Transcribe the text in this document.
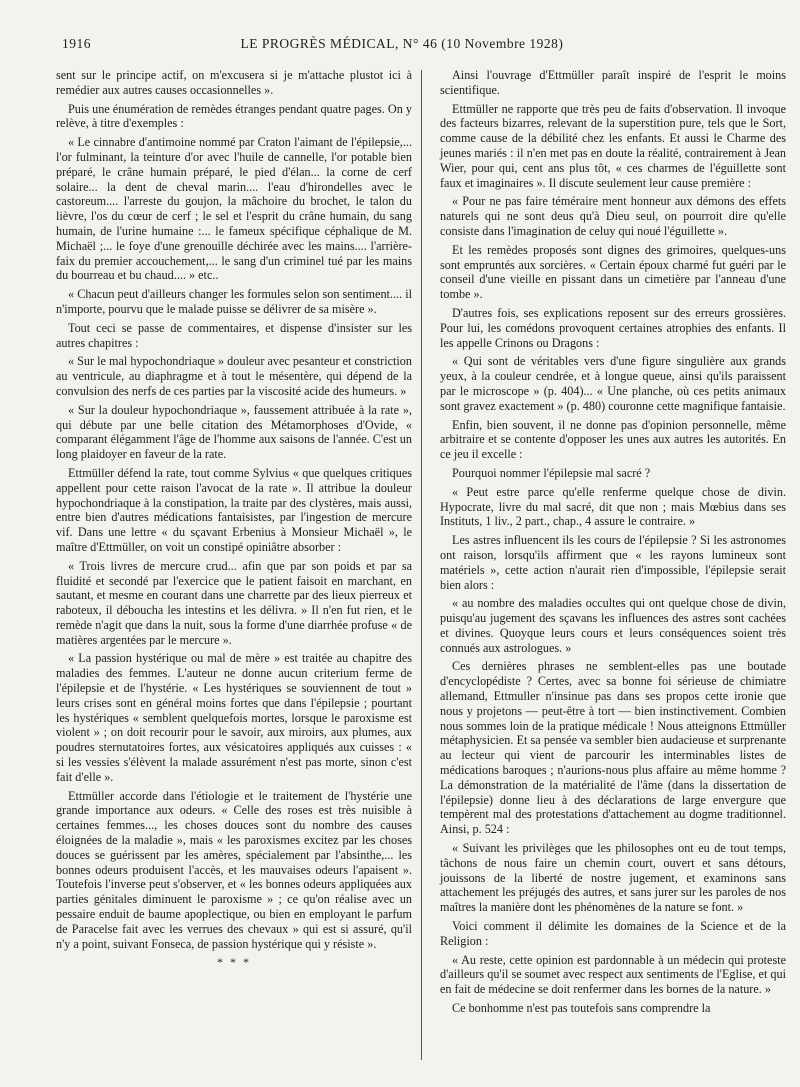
1916	LE PROGRÈS MÉDICAL, N° 46 (10 Novembre 1928)

sent sur le principe actif, on m'excusera si je m'attache plustot ici à remédier aux autres causes occasionnelles ».

Puis une énumération de remèdes étranges pendant quatre pages. On y relève, à titre d'exemples :

« Le cinnabre d'antimoine nommé par Craton l'aimant de l'épilepsie,... l'or fulminant, la teinture d'or avec l'huile de cannelle, l'or potable bien préparé, le crâne humain préparé, le pied d'élan... la corne de cerf solaire... la dent de cheval marin.... l'eau d'hirondelles avec le castoreum.... l'arreste du goujon, la mâchoire du brochet, le talon du lièvre, l'os du cœur de cerf ; le sel et l'esprit du crâne humain, du sang humain, de l'urine humaine :... le fameux spécifique céphalique de M. Michaël ;... le foye d'une grenouille déchirée avec les mains.... l'arrière-faix du premier accouchement,... le sang d'un criminel tué par les mains du bourreau et bu chaud.... » etc..

« Chacun peut d'ailleurs changer les formules selon son sentiment.... il n'importe, pourvu que le malade puisse se délivrer de sa misère ».

Tout ceci se passe de commentaires, et dispense d'insister sur les autres chapitres :

« Sur le mal hypochondriaque » douleur avec pesanteur et constriction au ventricule, au diaphragme et à tout le mésentère, qui dépend de la convulsion des nerfs de ces parties par la viscosité acide des humeurs. »

« Sur la douleur hypochondriaque », faussement attribuée à la rate », qui débute par une belle citation des Métamorphoses d'Ovide, « comparant élégamment l'âge de l'homme aux saisons de l'année. C'est un long plaidoyer en faveur de la rate.

Ettmüller défend la rate, tout comme Sylvius « que quelques critiques appellent pour cette raison l'avocat de la rate ». Il attribue la douleur hypochondriaque à la constipation, la traite par des clystères, mais aussi, entre bien d'autres médications fantaisistes, par l'ingestion de mercure vif. Dans une lettre « du sçavant Erbenius à Monsieur Michaël », le maître d'Ettmüller, on voit un constipé opiniâtre absorber :

« Trois livres de mercure crud... afin que par son poids et par sa fluidité et secondé par l'exercice que le patient faisoit en marchant, en sautant, et mesme en courant dans une charrette par des lieux pierreux et raboteux, il déboucha les intestins et les délivra. » Il n'en fut rien, et le remède n'agit que dans la nuit, sous la forme d'une diarrhée profuse « de matières argentées par le mercure ».

« La passion hystérique ou mal de mère » est traitée au chapitre des maladies des femmes. L'auteur ne donne aucun criterium ferme de l'épilepsie et de l'hystérie. « Les hystériques se souviennent de tout » leurs crises sont en général moins fortes que dans l'épilepsie ; pourtant les hystériques « semblent quelquefois mortes, lorsque le paroxisme est violent » ; on doit recourir pour le savoir, aux miroirs, aux plumes, aux poudres sternutatoires fortes, aux vésicatoires appliqués aux cuisses : « si les vessies s'élèvent la malade assurément n'est pas morte, sinon c'est fait d'elle ».

Ettmüller accorde dans l'étiologie et le traitement de l'hystérie une grande importance aux odeurs. « Celle des roses est très nuisible à certaines femmes..., les choses douces sont du nombre des causes éloignées de la maladie », mais « les paroxismes excitez par les choses douces se guérissent par les amères, spécialement par l'absinthe,... les bonnes odeurs produisent l'accès, et les mauvaises odeurs l'apaisent ». Toutefois l'inverse peut s'observer, et « les bonnes odeurs appliquées aux parties génitales diminuent le paroxisme » ; ce qu'on réalise avec un pessaire enduit de baume apoplectique, ou bien en employant le parfum de Paracelse fait avec les verrues des chevaux » qui est si assuré, qu'il n'y a point, suivant Fonseca, de passion hystérique qui y résiste ».

* * *

Ainsi l'ouvrage d'Ettmüller paraît inspiré de l'esprit le moins scientifique.

Ettmüller ne rapporte que très peu de faits d'observation. Il invoque des facteurs bizarres, relevant de la superstition pure, tels que le Sort, comme cause de la débilité chez les enfants. Et aussi le Charme des jeunes mariés : il n'en met pas en doute la réalité, contrairement à Jean Wier, pour qui, cent ans plus tôt, « ces charmes de l'éguillette sont faux et imaginaires ». Il discute seulement leur cause première :

« Pour ne pas faire téméraire ment honneur aux démons des effets naturels qui ne sont deus qu'à Dieu seul, on pourroit dire qu'elle consiste dans l'imagination de celuy qui noué l'éguillette ».

Et les remèdes proposés sont dignes des grimoires, quelques-uns sont empruntés aux sorcières. « Certain époux charmé fut guéri par le conseil d'une vieille en pissant dans un cimetière par l'anneau d'une tombe ».

D'autres fois, ses explications reposent sur des erreurs grossières. Pour lui, les comédons provoquent certaines atrophies des enfants. Il les appelle Crinons ou Dragons :

« Qui sont de véritables vers d'une figure singulière aux grands yeux, à la couleur cendrée, et à longue queue, ainsi qu'ils paraissent par le microscope » (p. 404)... « Une planche, où ces petits animaux sont gravez exactement » (p. 480) couronne cette magnifique fantaisie.

Enfin, bien souvent, il ne donne pas d'opinion personnelle, même arbitraire et se contente d'opposer les unes aux autres les autorités. En ce jeu il excelle :

Pourquoi nommer l'épilepsie mal sacré ?

« Peut estre parce qu'elle renferme quelque chose de divin. Hypocrate, livre du mal sacré, dit que non ; mais Mœbius dans ses Instituts, 1 liv., 2 part., chap., 4 assure le contraire. »

Les astres influencent ils les cours de l'épilepsie ? Si les astronomes ont raison, lorsqu'ils affirment que « les rayons lumineux sont matériels », cette action n'aurait rien d'impossible, l'épilepsie serait bien alors :

« au nombre des maladies occultes qui ont quelque chose de divin, puisqu'au jugement des sçavans les influences des astres sont cachées et divines. Quoyque leurs cours et leurs conséquences soient très connués aux astrologues. »

Ces dernières phrases ne semblent-elles pas une boutade d'encyclopédiste ? Certes, avec sa bonne foi sérieuse de chimiatre allemand, Ettmuller n'insinue pas dans ses propos cette ironie que nous y projetons — peut-être à tort — bien instinctivement. Combien nous sommes loin de la pratique médicale ! Nous atteignons Ettmüller métaphysicien. Et sa pensée va sembler bien audacieuse et surprenante au lecteur qui vient de parcourir les interminables listes de médications baroques ; n'aurions-nous plus affaire au même homme ? La démonstration de la matérialité de l'âme (dans la dissertation de l'épilepsie) donne lieu à des déclarations de large envergure que tempèrent mal des protestations d'attachement au dogme traditionnel. Ainsi, p. 524 :

« Suivant les privilèges que les philosophes ont eu de tout temps, tâchons de nous faire un chemin court, ouvert et sans détours, jouissons de la liberté de nostre jugement, et examinons sans attachement les préjugés des autres, et sans jurer sur les paroles de nos maîtres la manière dont les phénomènes de la nature se font. »

Voici comment il délimite les domaines de la Science et de la Religion :

« Au reste, cette opinion est pardonnable à un médecin qui proteste d'ailleurs qu'il se soumet avec respect aux sentiments de l'Eglise, et qui en fait de médecine se doit renfermer dans les bornes de la nature. »

Ce bonhomme n'est pas toutefois sans comprendre la
